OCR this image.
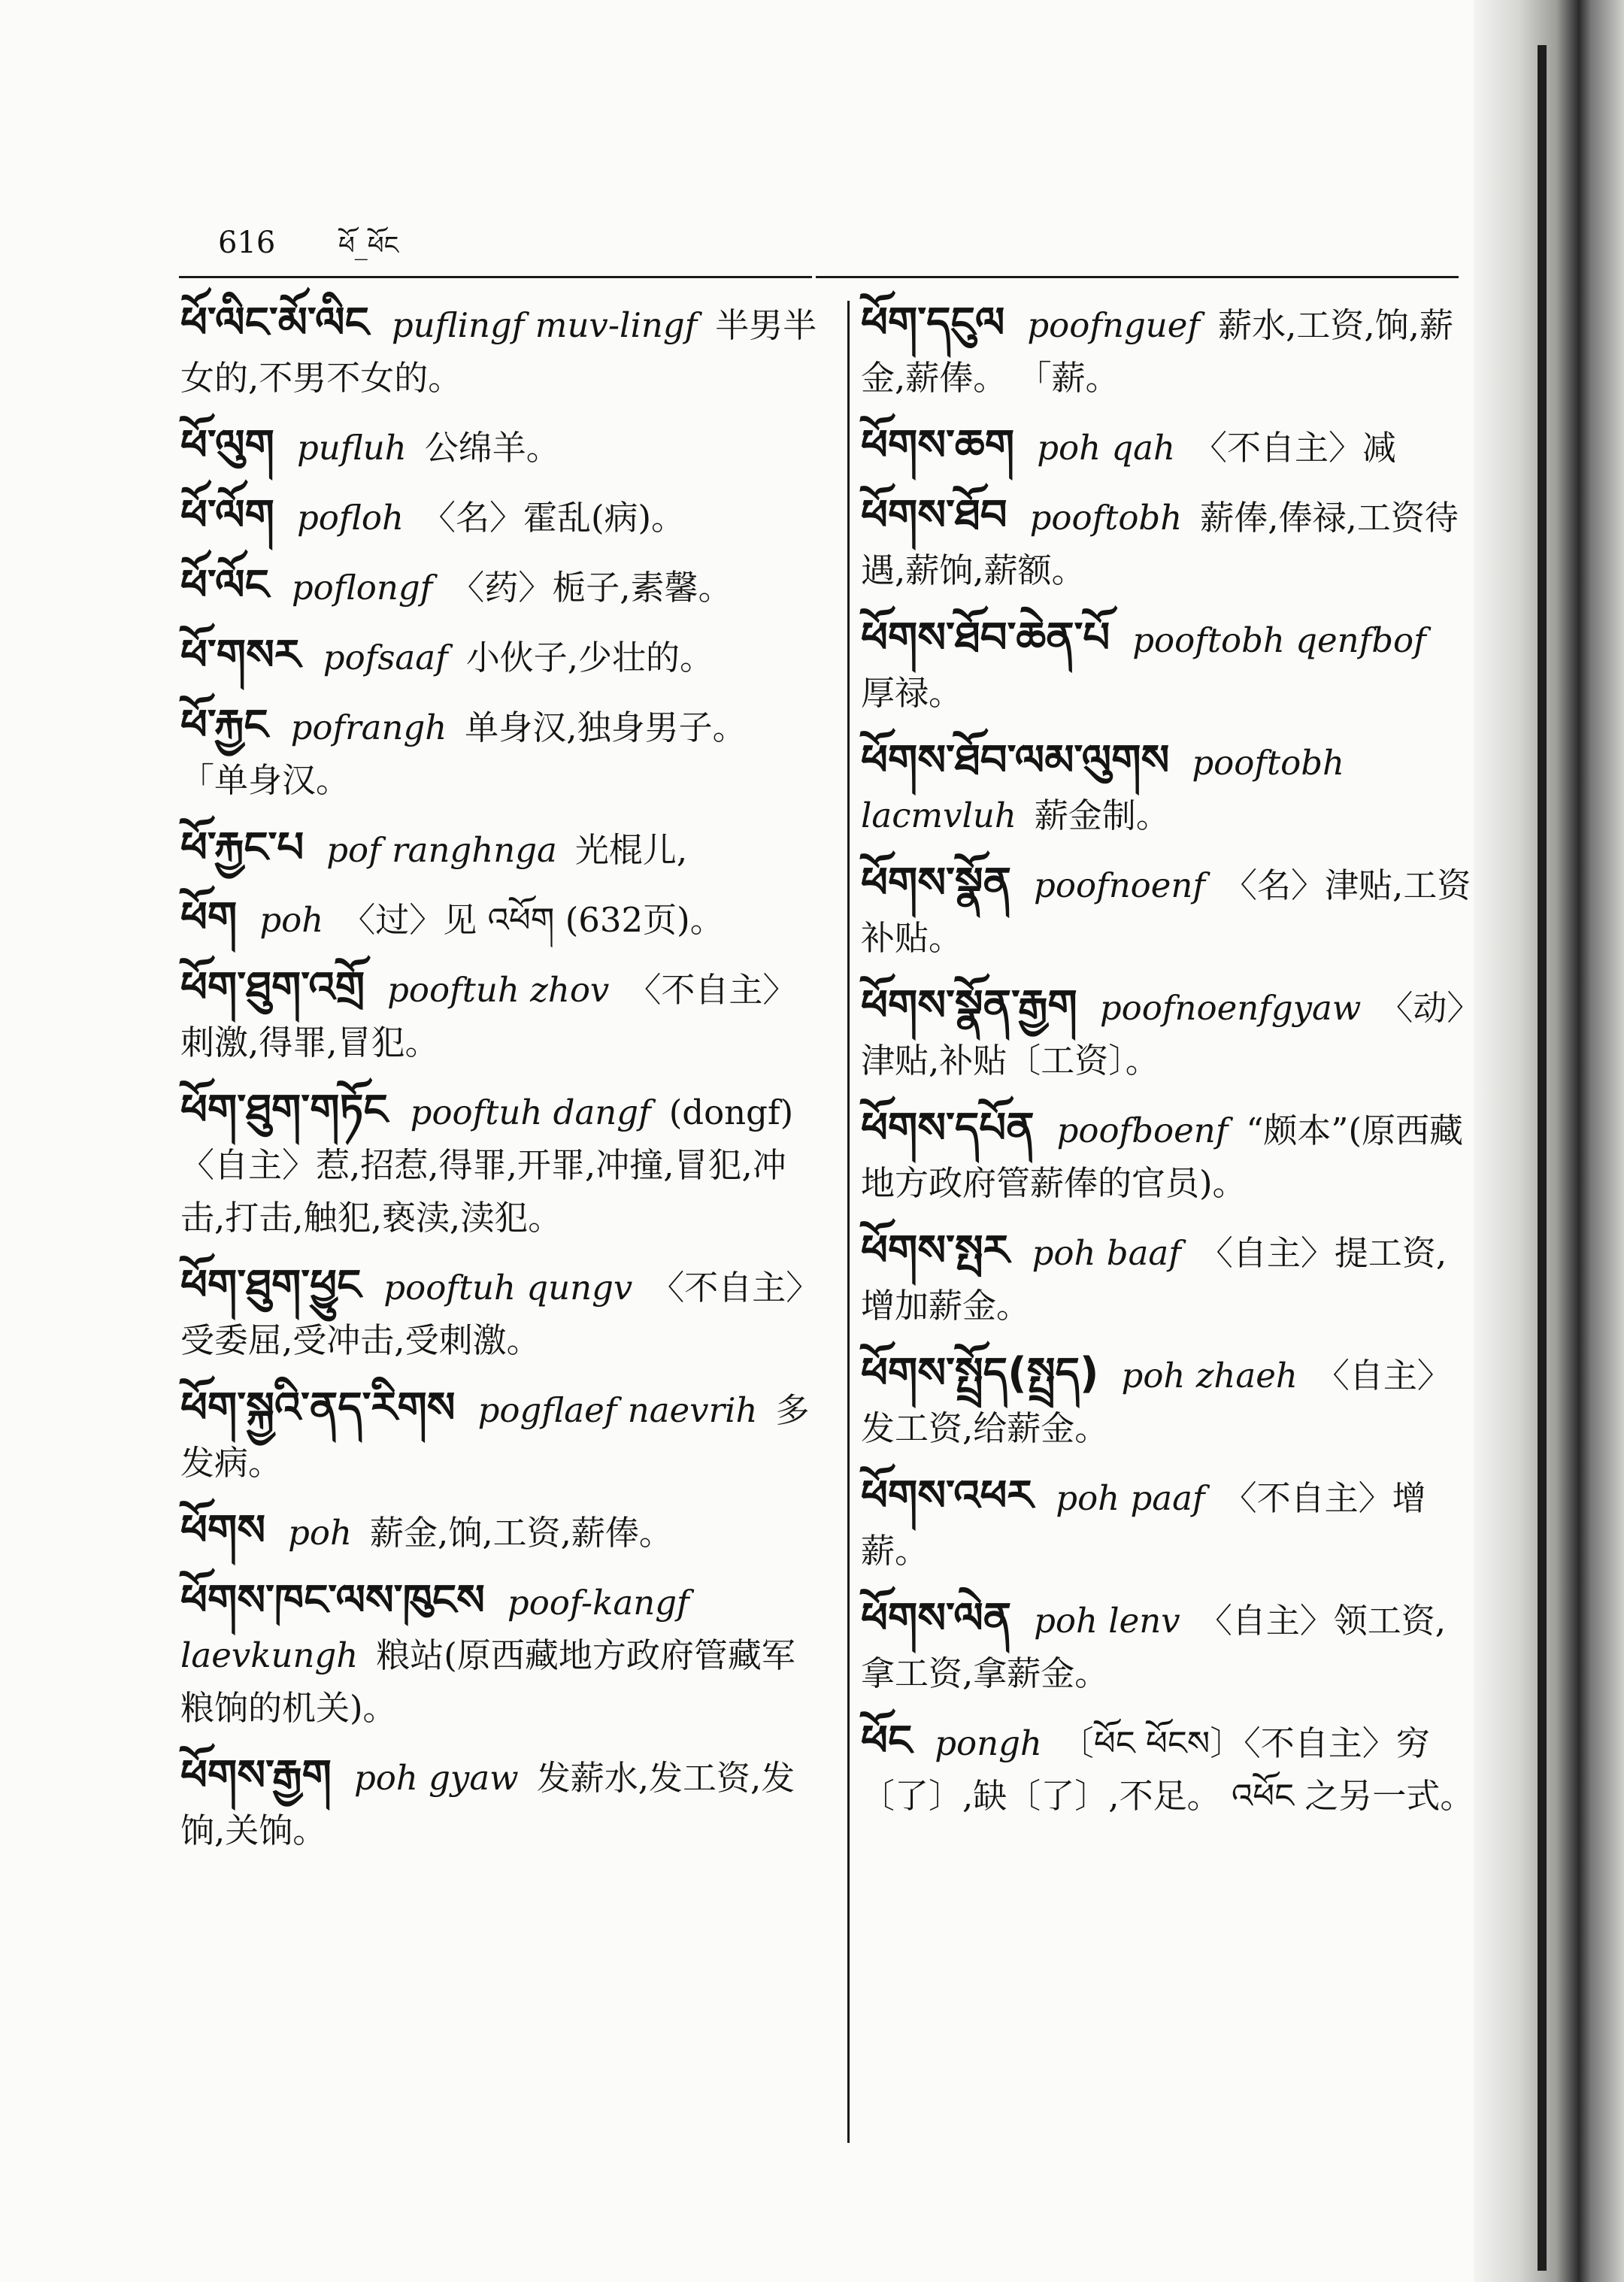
616 ཕོ_ཕོང
ཕོ་ལིང་མོ་ལིང puflingf muv-lingf 半男半女的,不男不女的。
ཕོ་ལུག pufluh 公绵羊。
ཕོ་ལོག pofloh 〈名〉霍乱(病)。
ཕོ་ལོང poflongf 〈药〉栀子,素馨。
ཕོ་གསར pofsaaf 小伙子,少壮的。
ཕོ་རྐྱང pofrangh 单身汉,独身男子。 「单身汉。
ཕོ་རྐྱང་པ pof ranghnga 光棍儿,
ཕོག poh 〈过〉见 འཕོག (632页)。
ཕོག་ཐུག་འགྲོ pooftuh zhov 〈不自主〉刺激,得罪,冒犯。
ཕོག་ཐུག་གཏོང pooftuh dangf (dongf) 〈自主〉惹,招惹,得罪,开罪,冲撞,冒犯,冲击,打击,触犯,亵渎,渎犯。
ཕོག་ཐུག་ཕྱུང pooftuh qungv 〈不自主〉受委屈,受冲击,受刺激。
ཕོག་སྐྱའི་ནད་རིགས pogflaef naevrih 多发病。
ཕོགས poh 薪金,饷,工资,薪俸。
ཕོགས་ཁང་ལས་ཁུངས poof-kangf laevkungh 粮站(原西藏地方政府管藏军粮饷的机关)。
ཕོགས་རྒྱག poh gyaw 发薪水,发工资,发饷,关饷。
ཕོག་དངུལ poofnguef 薪水,工资,饷,薪金,薪俸。 「薪。
ཕོགས་ཆག poh qah 〈不自主〉减
ཕོགས་ཐོབ pooftobh 薪俸,俸禄,工资待遇,薪饷,薪额。
ཕོགས་ཐོབ་ཆེན་པོ pooftobh qenfbof厚禄。
ཕོགས་ཐོབ་ལམ་ལུགས pooftobh lacmvluh 薪金制。
ཕོགས་སྣོན poofnoenf 〈名〉津贴,工资补贴。
ཕོགས་སྣོན་རྒྱག poofnoenfgyaw 〈动〉津贴,补贴〔工资〕。
ཕོགས་དཔོན poofboenf “颇本”(原西藏地方政府管薪俸的官员)。
ཕོགས་སྤར poh baaf 〈自主〉提工资,增加薪金。
ཕོགས་སྤྲོད(སྤྲད) poh zhaeh 〈自主〉发工资,给薪金。
ཕོགས་འཕར poh paaf 〈不自主〉增薪。
ཕོགས་ལེན poh lenv 〈自主〉领工资,拿工资,拿薪金。
ཕོང pongh 〔ཕོང ཕོངས〕〈不自主〉穷〔了〕,缺〔了〕,不足。 འཕོང 之另一式。
